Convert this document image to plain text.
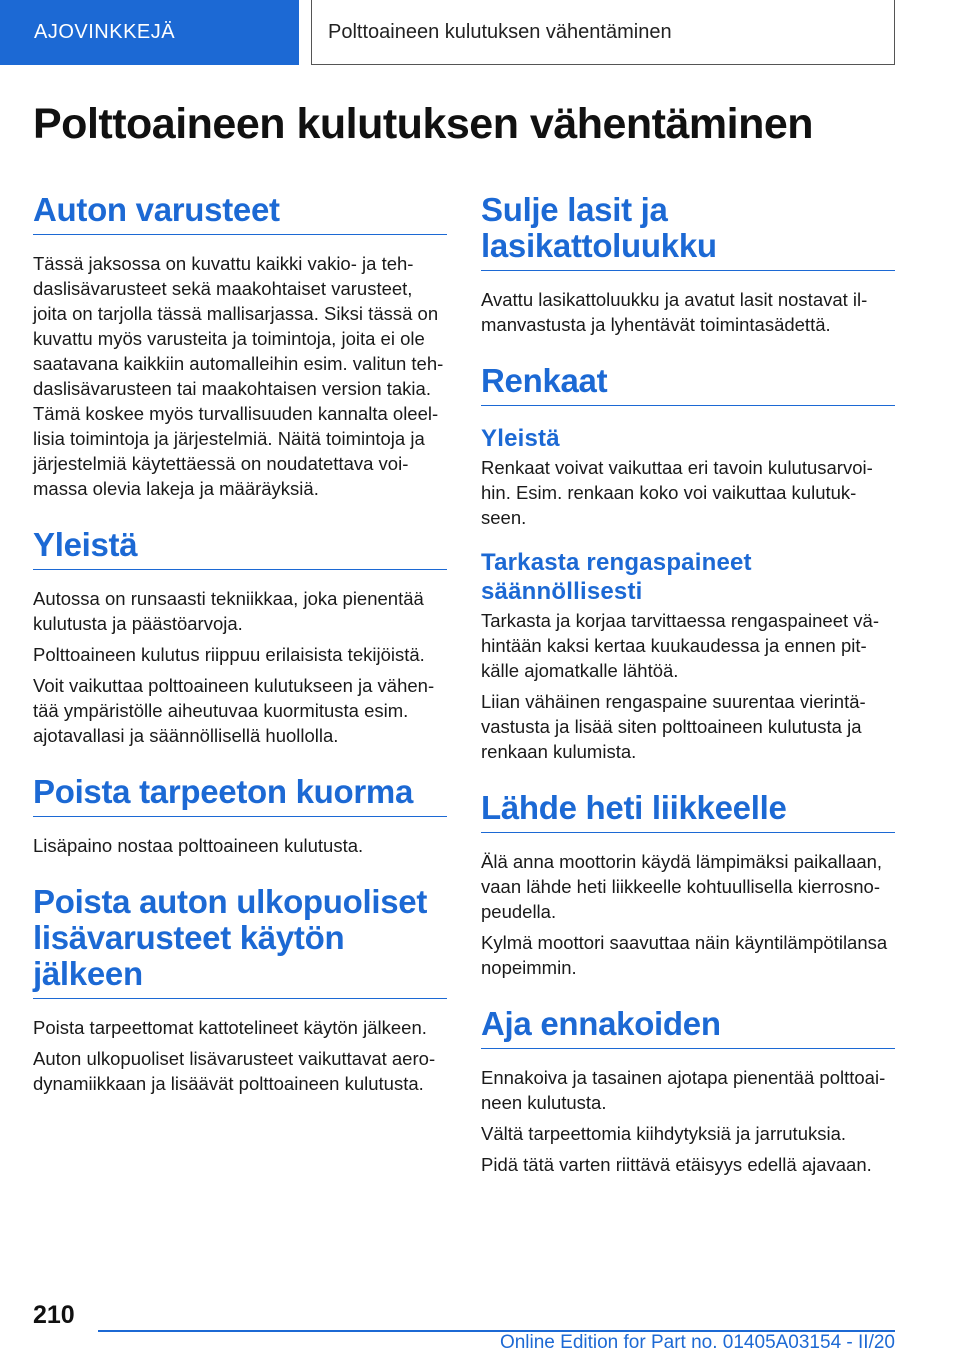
AJOVINKKEJÄ	Polttoaineen kulutuksen vähentäminen
Polttoaineen kulutuksen vähentäminen
Auton varusteet

Tässä jaksossa on kuvattu kaikki vakio- ja tehdaslisävarusteet sekä maakohtaiset varusteet, joita on tarjolla tässä mallisarjassa. Siksi tässä on kuvattu myös varusteita ja toimintoja, joita ei ole saatavana kaikkiin automalleihin esim. valitun tehdaslisävarusteen tai maakohtaisen version takia. Tämä koskee myös turvallisuuden kannalta oleellisia toimintoja ja järjestelmiä. Näitä toimintoja ja järjestelmiä käytettäessä on noudatettava voimassa olevia lakeja ja määräyksiä.

Yleistä

Autossa on runsaasti tekniikkaa, joka pienentää kulutusta ja päästöarvoja.

Polttoaineen kulutus riippuu erilaisista tekijöistä.

Voit vaikuttaa polttoaineen kulutukseen ja vähentää ympäristölle aiheutuvaa kuormitusta esim. ajotavallasi ja säännöllisellä huollolla.

Poista tarpeeton kuorma

Lisäpaino nostaa polttoaineen kulutusta.

Poista auton ulkopuoliset lisävarusteet käytön jälkeen

Poista tarpeettomat kattotelineet käytön jälkeen.

Auton ulkopuoliset lisävarusteet vaikuttavat aerodynamiikkaan ja lisäävät polttoaineen kulutusta.

Sulje lasit ja lasikattoluukku

Avattu lasikattoluukku ja avatut lasit nostavat ilmanvastusta ja lyhentävät toimintasädettä.

Renkaat
Yleistä

Renkaat voivat vaikuttaa eri tavoin kulutusarvoihin. Esim. renkaan koko voi vaikuttaa kulutukseen.

Tarkasta rengaspaineet säännöllisesti

Tarkasta ja korjaa tarvittaessa rengaspaineet vähintään kaksi kertaa kuukaudessa ja ennen pitkälle ajomatkalle lähtöä.

Liian vähäinen rengaspaine suurentaa vierintävastusta ja lisää siten polttoaineen kulutusta ja renkaan kulumista.

Lähde heti liikkeelle

Älä anna moottorin käydä lämpimäksi paikallaan, vaan lähde heti liikkeelle kohtuullisella kierrosnopeudella.

Kylmä moottori saavuttaa näin käyntilämpötilansa nopeimmin.

Aja ennakoiden

Ennakoiva ja tasainen ajotapa pienentää polttoaineen kulutusta.

Vältä tarpeettomia kiihdytyksiä ja jarrutuksia.

Pidä tätä varten riittävä etäisyys edellä ajavaan.

210
Online Edition for Part no. 01405A03154 - II/20
